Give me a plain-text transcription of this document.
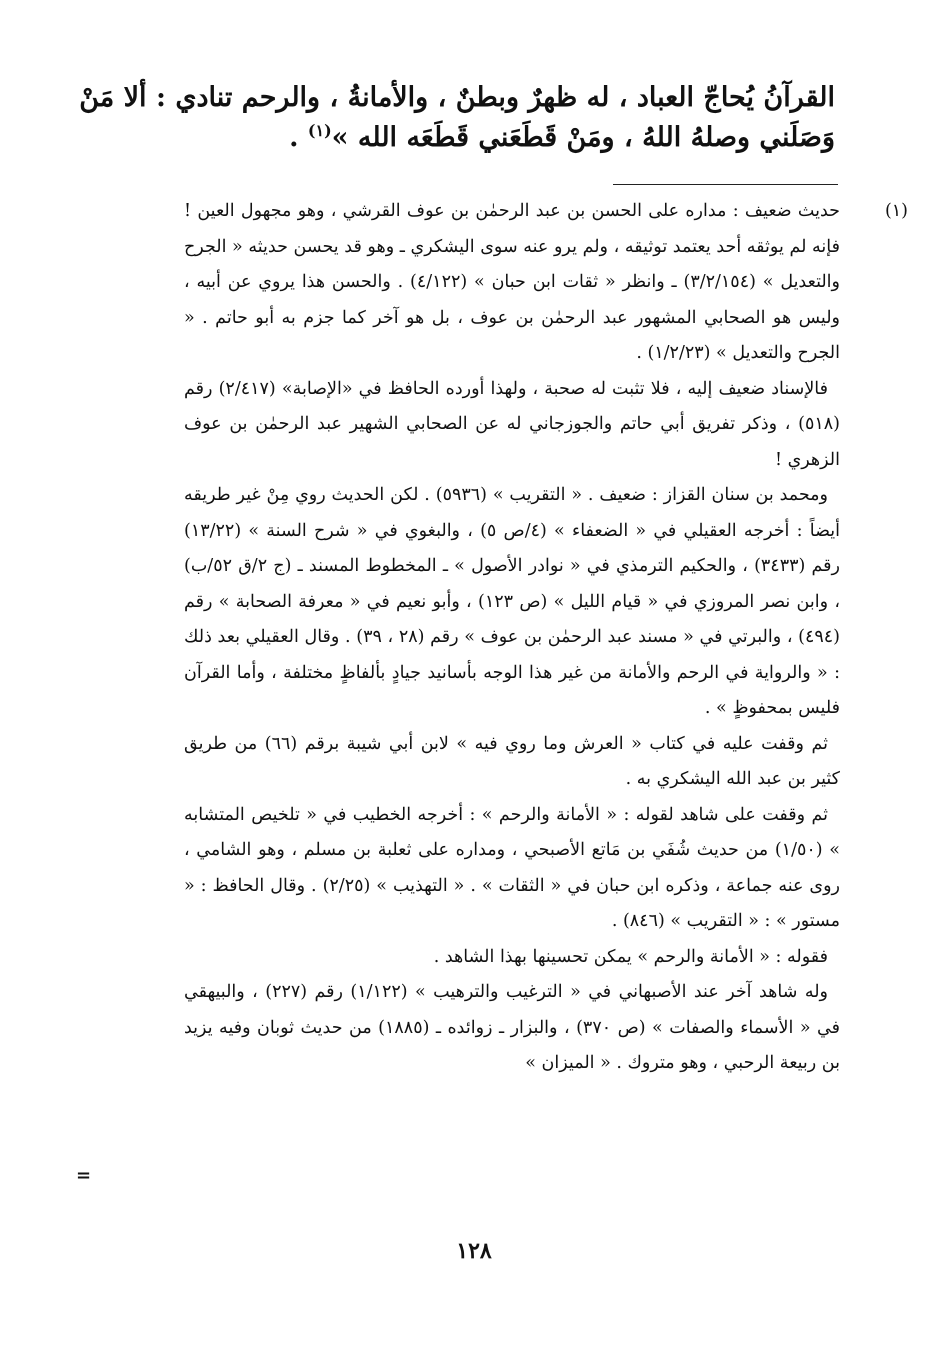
القرآنُ يُحاجّ العباد ، له ظهرٌ وبطنٌ ، والأمانةُ ، والرحم تنادي : ألا مَنْ
وَصَلَني وصلهُ اللهُ ، ومَنْ قَطَعَني قَطَعَه الله »$^{(١)}$ .
(١)

حديث ضعيف : مداره على الحسن بن عبد الرحمٰن بن عوف القرشي ، وهو مجهول العين ! فإنه لم يوثقه أحد يعتمد توثيقه ، ولم يرو عنه سوى اليشكري ـ وهو قد يحسن حديثه « الجرح والتعديل » (٣/٢/١٥٤) ـ وانظر « ثقات ابن حبان » (٤/١٢٢) . والحسن هذا يروي عن أبيه ، وليس هو الصحابي المشهور عبد الرحمٰن بن عوف ، بل هو آخر كما جزم به أبو حاتم . « الجرح والتعديل » (١/٢/٢٣) .

فالإسناد ضعيف إليه ، فلا تثبت له صحبة ، ولهذا أورده الحافظ في «الإصابة» (٢/٤١٧) رقم (٥١٨) ، وذكر تفريق أبي حاتم والجوزجاني له عن الصحابي الشهير عبد الرحمٰن بن عوف الزهري !

ومحمد بن سنان القزاز : ضعيف . « التقريب » (٥٩٣٦) . لكن الحديث روي مِنْ غير طريقه أيضاً : أخرجه العقيلي في « الضعفاء » (٤/ص ٥) ، والبغوي في « شرح السنة » (١٣/٢٢) رقم (٣٤٣٣) ، والحكيم الترمذي في « نوادر الأصول » ـ المخطوط المسند ـ (ج ٢/ق ٥٢/ب) ، وابن نصر المروزي في « قيام الليل » (ص ١٢٣) ، وأبو نعيم في « معرفة الصحابة » رقم (٤٩٤) ، والبرتي في « مسند عبد الرحمٰن بن عوف » رقم (٢٨ ، ٣٩) . وقال العقيلي بعد ذلك : « والرواية في الرحم والأمانة من غير هذا الوجه بأسانيد جيادٍ بألفاظٍ مختلفة ، وأما القرآن فليس بمحفوظٍ » .

ثم وقفت عليه في كتاب « العرش وما روي فيه » لابن أبي شيبة برقم (٦٦) من طريق كثير بن عبد الله اليشكري به .

ثم وقفت على شاهد لقوله : « الأمانة والرحم » : أخرجه الخطيب في « تلخيص المتشابه » (١/٥٠) من حديث شُفَي بن مَاتع الأصبحي ، ومداره على ثعلبة بن مسلم ، وهو الشامي ، روى عنه جماعة ، وذكره ابن حبان في « الثقات » . « التهذيب » (٢/٢٥) . وقال الحافظ : « مستور » : « التقريب » (٨٤٦) .

فقوله : « الأمانة والرحم » يمكن تحسينها بهذا الشاهد .

وله شاهد آخر عند الأصبهاني في « الترغيب والترهيب » (١/١٢٢) رقم (٢٢٧) ، والبيهقي في « الأسماء والصفات » (ص ٣٧٠) ، والبزار ـ زوائده ـ (١٨٨٥) من حديث ثوبان وفيه يزيد بن ربيعة الرحبي ، وهو متروك . « الميزان »

=
١٢٨
